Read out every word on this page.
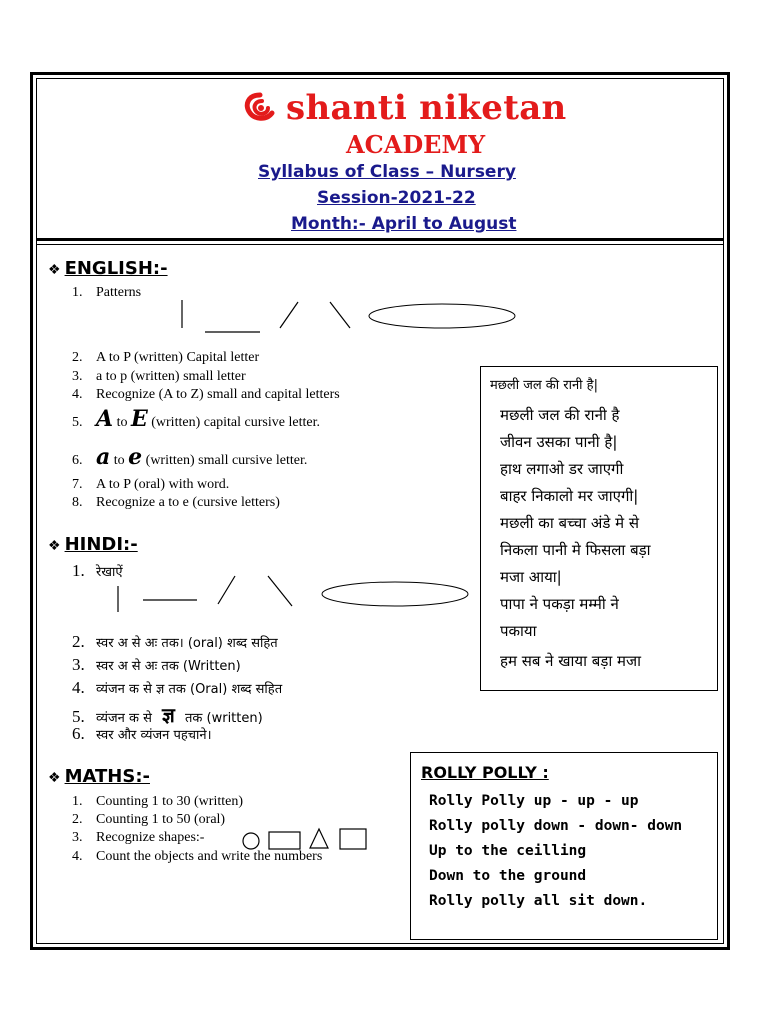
shanti niketan
ACADEMY
Syllabus of Class – Nursery
Session-2021-22
Month:- April to August
❖ ENGLISH:-
1. Patterns
2. A to P (written) Capital letter
3. a to p (written) small letter
4. Recognize (A to Z) small and capital letters
5. A to E (written) capital cursive letter.
6. a to e (written) small cursive letter.
7. A to P (oral) with word.
8. Recognize a to e (cursive letters)
❖ HINDI:-
1. रेखाऐं
2. स्वर अ से अः तक। (oral) शब्द सहित
3. स्वर अ से अः तक (Written)
4. व्यंजन क से ज्ञ तक (Oral) शब्द सहित
5. व्यंजन क से ज्ञ तक (written)
6. स्वर और व्यंजन पहचाने।
मछली जल की रानी है|
मछली जल की रानी है
जीवन उसका पानी है|
हाथ लगाओ डर जाएगी
बाहर निकालो मर जाएगी|
मछली का बच्चा अंडे मे से
निकला पानी मे फिसला बड़ा
मजा आया|
पापा ने पकड़ा मम्मी ने
पकाया
हम सब ने खाया बड़ा मजा
❖ MATHS:-
1. Counting 1 to 30 (written)
2. Counting 1 to 50 (oral)
3. Recognize shapes:-
4. Count the objects and write the numbers
ROLLY POLLY :
Rolly Polly up - up - up
Rolly polly down - down- down
Up to the ceilling
Down to the ground
Rolly polly all sit down.
